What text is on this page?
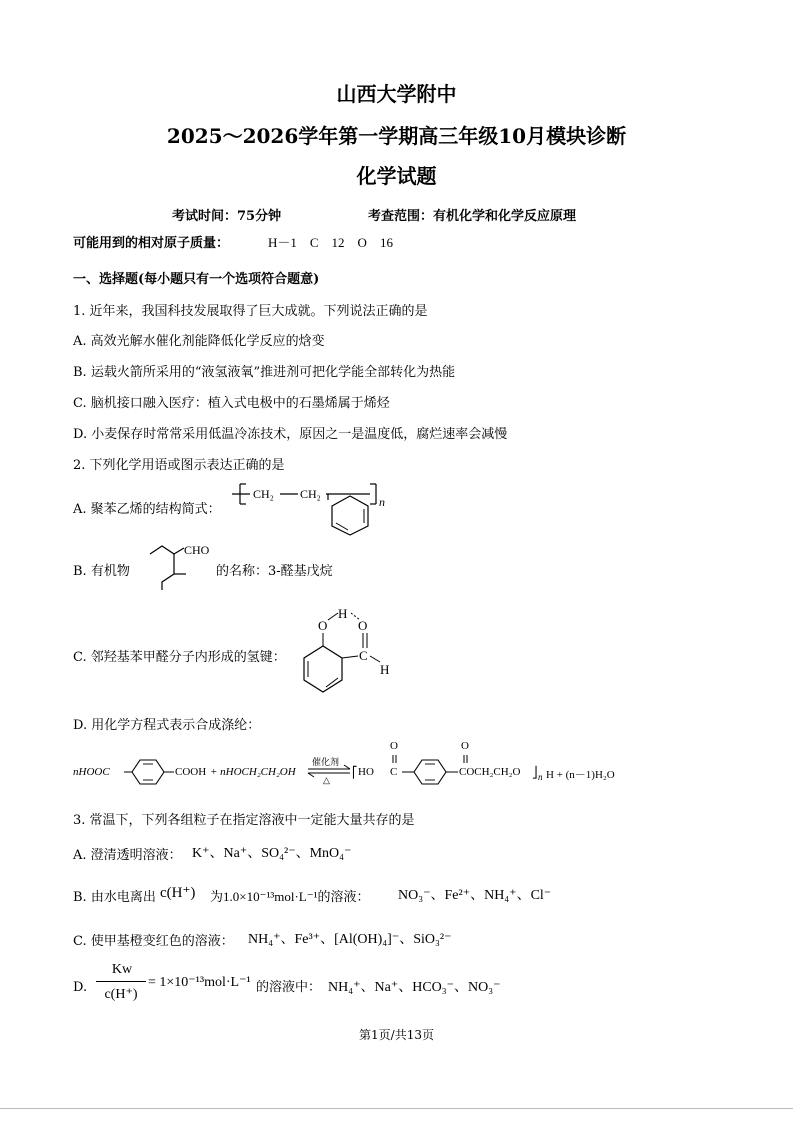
山西大学附中
2025～2026学年第一学期高三年级10月模块诊断
化学试题
考试时间：75分钟	考查范围：有机化学和化学反应原理
可能用到的相对原子质量：	H－1　C　12　O　16
一、选择题(每小题只有一个选项符合题意)
1. 近年来，我国科技发展取得了巨大成就。下列说法正确的是
A. 高效光解水催化剂能降低化学反应的焓变
B. 运载火箭所采用的“液氢液氧”推进剂可把化学能全部转化为热能
C. 脑机接口融入医疗：植入式电极中的石墨烯属于烯烃
D. 小麦保存时常常采用低温冷冻技术，原因之一是温度低，腐烂速率会减慢
2. 下列化学用语或图示表达正确的是
A. 聚苯乙烯的结构简式：
CH₂ CH₂
n
B. 有机物
CHO
的名称：3-醛基戊烷
C. 邻羟基苯甲醛分子内形成的氢键：
O
H
O
C
H
D. 用化学方程式表示合成涤纶：
nHOOC	COOH + nHOCH₂CH₂OH ⇌
催化剂
△
⎡ HO
O
C
O
COCH₂CH₂O ⎦ n H + (n－1)H₂O
3. 常温下，下列各组粒子在指定溶液中一定能大量共存的是
A. 澄清透明溶液： K⁺、Na⁺、SO₄²⁻、MnO₄⁻
B. 由水电离出 c(H⁺) 为1.0×10⁻¹³mol·L⁻¹的溶液： NO₃⁻、Fe²⁺、NH₄⁺、Cl⁻
C. 使甲基橙变红色的溶液： NH₄⁺、Fe³⁺、[Al(OH)₄]⁻、SiO₃²⁻
D.
Kw
c(H⁺)
= 1×10⁻¹³mol·L⁻¹ 的溶液中： NH₄⁺、Na⁺、HCO₃⁻、NO₃⁻
第1页/共13页
